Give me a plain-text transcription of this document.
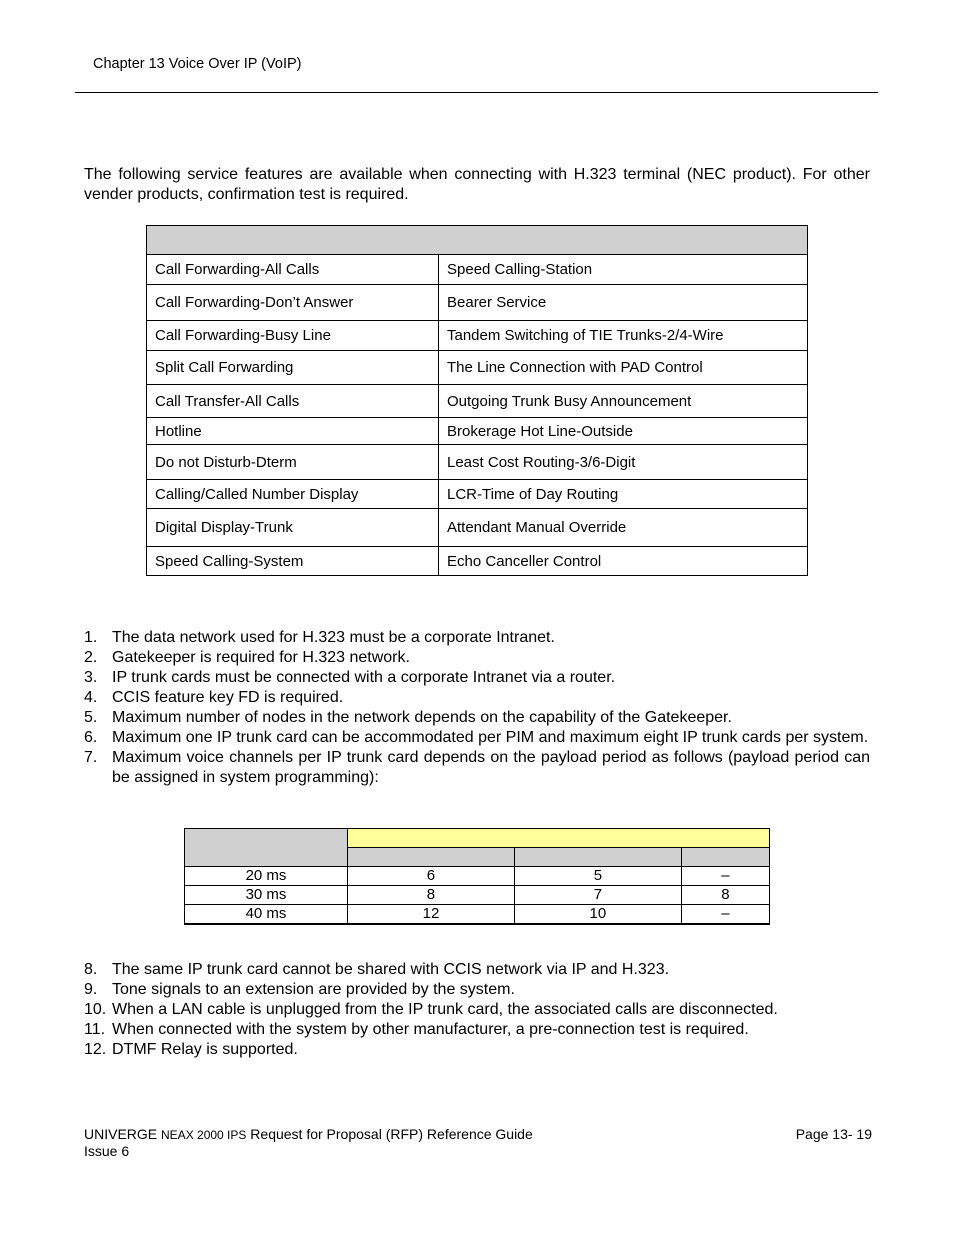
Chapter 13 Voice Over IP (VoIP)
The following service features are available when connecting with H.323 terminal (NEC product). For other vender products, confirmation test is required.

Call Forwarding-All Calls	Speed Calling-Station
Call Forwarding-Don’t Answer	Bearer Service
Call Forwarding-Busy Line	Tandem Switching of TIE Trunks-2/4-Wire
Split Call Forwarding	The Line Connection with PAD Control
Call Transfer-All Calls	Outgoing Trunk Busy Announcement
Hotline	Brokerage Hot Line-Outside
Do not Disturb-Dterm	Least Cost Routing-3/6-Digit
Calling/Called Number Display	LCR-Time of Day Routing
Digital Display-Trunk	Attendant Manual Override
Speed Calling-System	Echo Canceller Control
1. The data network used for H.323 must be a corporate Intranet.
2. Gatekeeper is required for H.323 network.
3. IP trunk cards must be connected with a corporate Intranet via a router.
4. CCIS feature key FD is required.
5. Maximum number of nodes in the network depends on the capability of the Gatekeeper.
6. Maximum one IP trunk card can be accommodated per PIM and maximum eight IP trunk cards per system.
7. Maximum voice channels per IP trunk card depends on the payload period as follows (payload period can be assigned in system programming):

20 ms	6	5	–
30 ms	8	7	8
40 ms	12	10	–
8. The same IP trunk card cannot be shared with CCIS network via IP and H.323.
9. Tone signals to an extension are provided by the system.
10. When a LAN cable is unplugged from the IP trunk card, the associated calls are disconnected.
11. When connected with the system by other manufacturer, a pre-connection test is required.
12. DTMF Relay is supported.
UNIVERGE NEAX 2000 IPS Request for Proposal (RFP) Reference Guide
Issue 6
Page 13- 19
